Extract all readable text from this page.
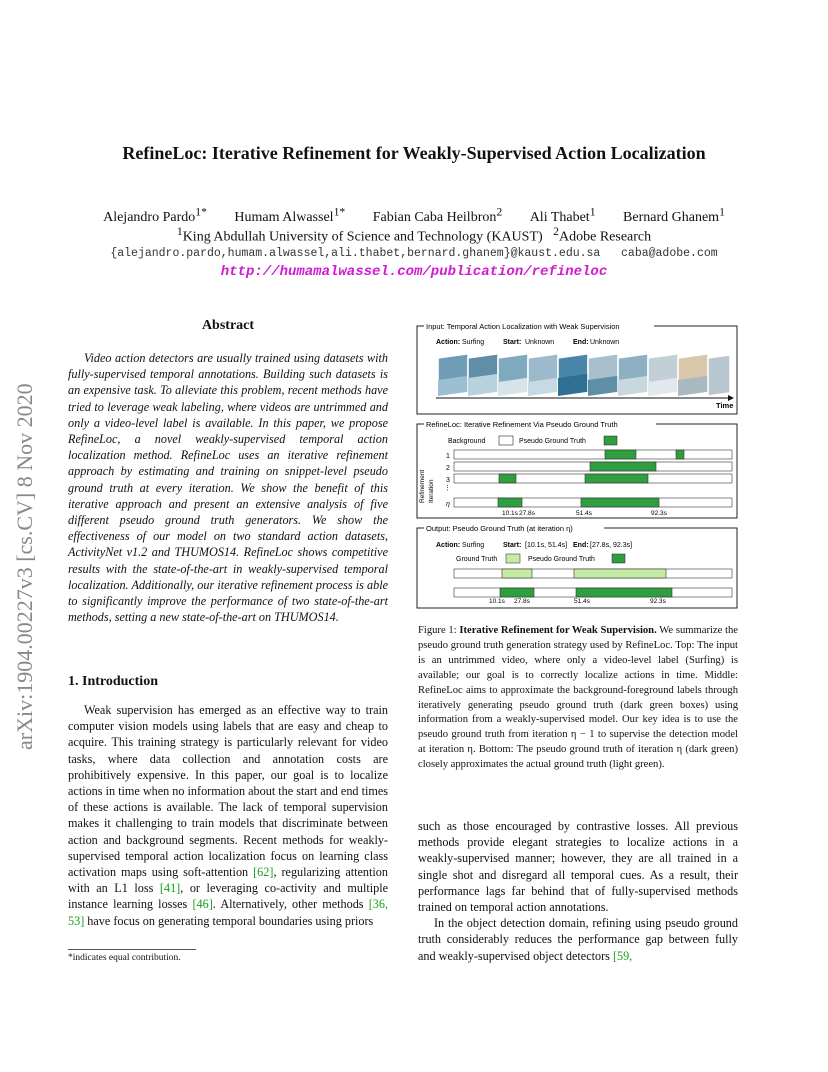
RefineLoc: Iterative Refinement for Weakly-Supervised Action Localization
Alejandro Pardo$^{1*}$ Humam Alwassel$^{1*}$ Fabian Caba Heilbron$^2$ Ali Thabet$^1$ Bernard Ghanem$^1$
$^1$King Abdullah University of Science and Technology (KAUST) $^2$Adobe Research
{alejandro.pardo,humam.alwassel,ali.thabet,bernard.ghanem}@kaust.edu.sa   caba@adobe.com
http://humamalwassel.com/publication/refineloc
arXiv:1904.00227v3 [cs.CV] 8 Nov 2020
Abstract

Video action detectors are usually trained using datasets with fully-supervised temporal annotations. Building such datasets is an expensive task. To alleviate this problem, recent methods have tried to leverage weak labeling, where videos are untrimmed and only a video-level label is available. In this paper, we propose RefineLoc, a novel weakly-supervised temporal action localization method. RefineLoc uses an iterative refinement approach by estimating and training on snippet-level pseudo ground truth at every iteration. We show the benefit of this iterative approach and present an extensive analysis of five different pseudo ground truth generators. We show the effectiveness of our model on two standard action datasets, ActivityNet v1.2 and THUMOS14. RefineLoc shows competitive results with the state-of-the-art in weakly-supervised temporal localization. Additionally, our iterative refinement process is able to significantly improve the performance of two state-of-the-art methods, setting a new state-of-the-art on THUMOS14.

1. Introduction

Weak supervision has emerged as an effective way to train computer vision models using labels that are easy and cheap to acquire. This training strategy is particularly relevant for video tasks, where data collection and annotation costs are prohibitively expensive. In this paper, our goal is to localize actions in time when no information about the start and end times of these actions is available. The lack of temporal supervision makes it challenging to train models that discriminate between action and background segments. Recent methods for weakly-supervised temporal action localization focus on learning class activation maps using soft-attention [62], regularizing attention with an L1 loss [41], or leveraging co-activity and multiple instance learning losses [46]. Alternatively, other methods [36, 53] have focus on generating temporal boundaries using priors

*indicates equal contribution.
Input: Temporal Action Localization with Weak Supervision
Action: Surfing	Start: Unknown	End: Unknown
Time
RefineLoc: Iterative Refinement Via Pseudo Ground Truth
Background	Pseudo Ground Truth
Refinement Iteration
1
2
3
⋮
η
10.1s 27.8s	51.4s	92.3s
Output: Pseudo Ground Truth (at iteration η)
Action: Surfing	Start: [10.1s, 51.4s] End: [27.8s, 92.3s]
Ground Truth	Pseudo Ground Truth
10.1s 27.8s	51.4s	92.3s
Figure 1: Iterative Refinement for Weak Supervision. We summarize the pseudo ground truth generation strategy used by RefineLoc. Top: The input is an untrimmed video, where only a video-level label (Surfing) is available; our goal is to correctly localize actions in time. Middle: RefineLoc aims to approximate the background-foreground labels through iteratively generating pseudo ground truth (dark green boxes) using information from a weakly-supervised model. Our key idea is to use the pseudo ground truth from iteration η − 1 to supervise the detection model at iteration η. Bottom: The pseudo ground truth of iteration η (dark green) closely approximates the actual ground truth (light green).

such as those encouraged by contrastive losses. All previous methods provide elegant strategies to localize actions in a weakly-supervised manner; however, they are all trained in a single shot and disregard all temporal cues. As a result, their performance lags far behind that of fully-supervised methods trained on temporal action annotations.

In the object detection domain, refining using pseudo ground truth considerably reduces the performance gap between fully and weakly-supervised object detectors [59,
